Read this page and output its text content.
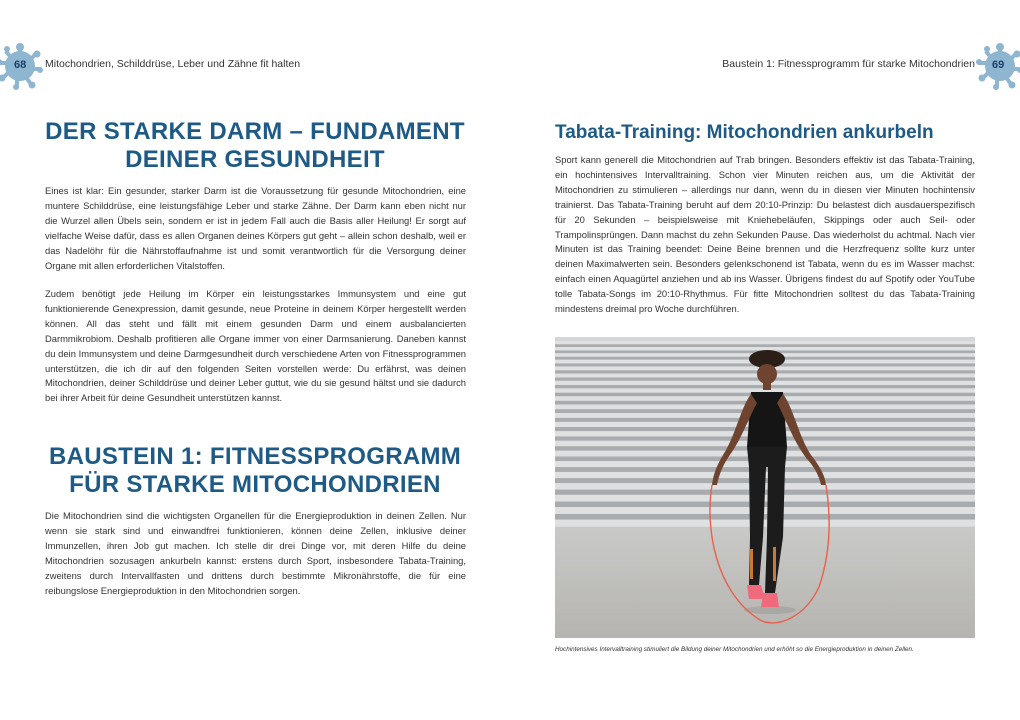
68 Mitochondrien, Schilddrüse, Leber und Zähne fit halten
DER STARKE DARM – FUNDAMENT
DEINER GESUNDHEIT

Eines ist klar: Ein gesunder, starker Darm ist die Voraussetzung für gesunde Mitochondrien, eine muntere Schilddrüse, eine leistungsfähige Leber und starke Zähne. Der Darm kann eben nicht nur die Wurzel allen Übels sein, sondern er ist in jedem Fall auch die Basis aller Heilung! Er sorgt auf vielfache Weise dafür, dass es allen Organen deines Körpers gut geht – allein schon deshalb, weil er das Nadelöhr für die Nährstoffaufnahme ist und somit verantwortlich für die Versorgung deiner Organe mit allen erforderlichen Vitalstoffen.

Zudem benötigt jede Heilung im Körper ein leistungsstarkes Immunsystem und eine gut funktionierende Genexpression, damit gesunde, neue Proteine in deinem Körper hergestellt werden können. All das steht und fällt mit einem gesunden Darm und einem ausbalancierten Darmmikrobiom. Deshalb profitieren alle Organe immer von einer Darmsanierung. Daneben kannst du dein Immunsystem und deine Darmgesundheit durch verschiedene Arten von Fitnessprogrammen unterstützen, die ich dir auf den folgenden Seiten vorstellen werde: Du erfährst, was deinen Mitochondrien, deiner Schilddrüse und deiner Leber guttut, wie du sie gesund hältst und sie dadurch bei ihrer Arbeit für deine Gesundheit unterstützen kannst.

BAUSTEIN 1: FITNESSPROGRAMM
FÜR STARKE MITOCHONDRIEN

Die Mitochondrien sind die wichtigsten Organellen für die Energieproduktion in deinen Zellen. Nur wenn sie stark sind und einwandfrei funktionieren, können deine Zellen, inklusive deiner Immunzellen, ihren Job gut machen. Ich stelle dir drei Dinge vor, mit deren Hilfe du deine Mitochondrien sozusagen ankurbeln kannst: erstens durch Sport, insbesondere Tabata-Training, zweitens durch Intervallfasten und drittens durch bestimmte Mikronährstoffe, die für eine reibungslose Energieproduktion in den Mitochondrien sorgen.

69
Baustein 1: Fitnessprogramm für starke Mitochondrien
Tabata-Training: Mitochondrien ankurbeln

Sport kann generell die Mitochondrien auf Trab bringen. Besonders effektiv ist das Tabata-Training, ein hochintensives Intervalltraining. Schon vier Minuten reichen aus, um die Aktivität der Mitochondrien zu stimulieren – allerdings nur dann, wenn du in diesen vier Minuten hochintensiv trainierst. Das Tabata-Training beruht auf dem 20:10-Prinzip: Du belastest dich ausdauerspezifisch für 20 Sekunden – beispielsweise mit Kniehebeläufen, Skippings oder auch Seil- oder Trampolinsprüngen. Dann machst du zehn Sekunden Pause. Das wiederholst du achtmal. Nach vier Minuten ist das Training beendet: Deine Beine brennen und die Herzfrequenz sollte kurz unter deinen Maximalwerten sein. Besonders gelenkschonend ist Tabata, wenn du es im Wasser machst: einfach einen Aquagürtel anziehen und ab ins Wasser. Übrigens findest du auf Spotify oder YouTube tolle Tabata-Songs im 20:10-Rhythmus. Für fitte Mitochondrien solltest du das Tabata-Training mindestens dreimal pro Woche durchführen.

Hochintensives Intervalltraining stimuliert die Bildung deiner Mitochondrien und erhöht so die Energieproduktion in deinen Zellen.
